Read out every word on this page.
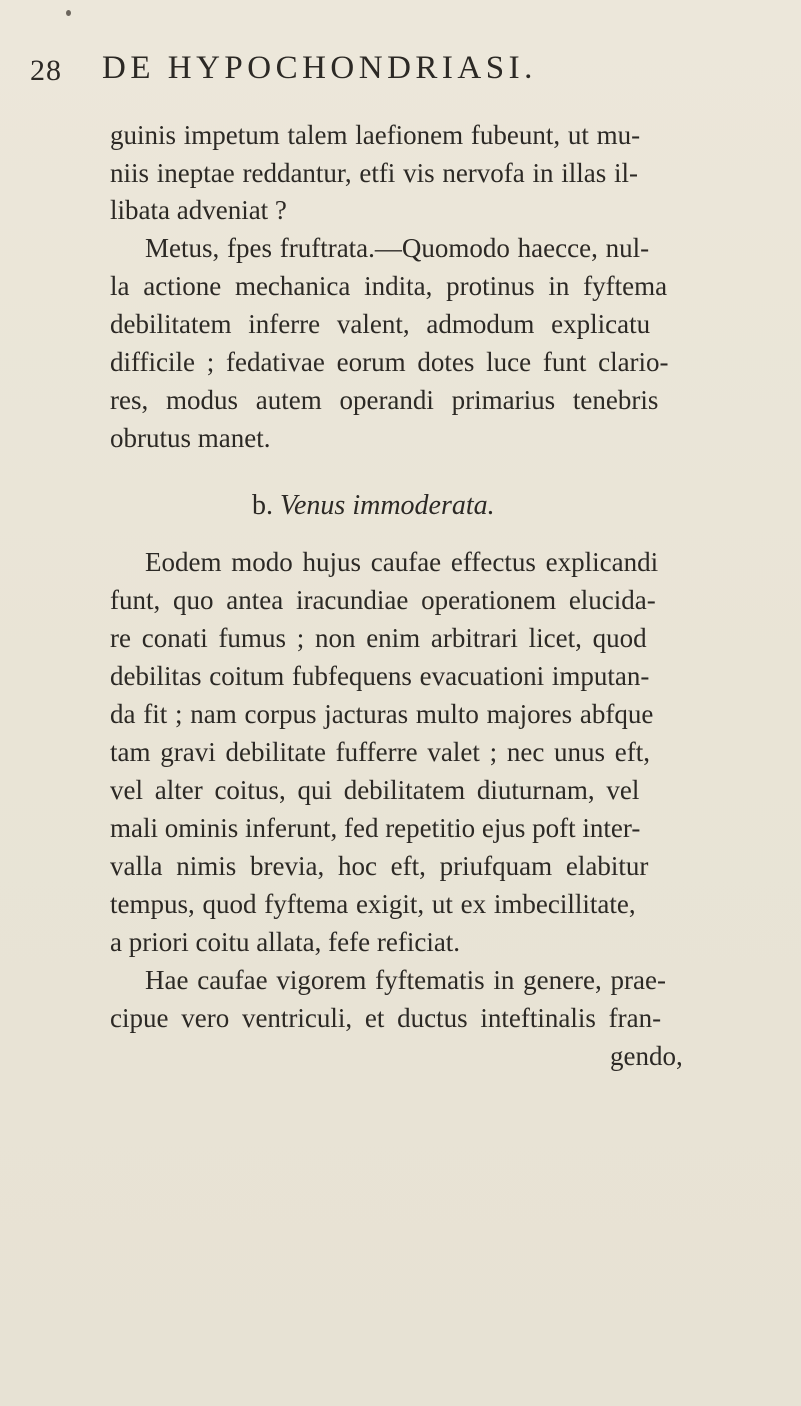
28 DE HYPOCHONDRIASI.
guinis impetum talem laefionem fubeunt, ut mu-
niis ineptae reddantur, etfi vis nervofa in illas il-
libata adveniat ?
Metus, fpes fruftrata.—Quomodo haecce, nul-
la actione mechanica indita, protinus in fyftema
debilitatem inferre valent, admodum explicatu
difficile ; fedativae eorum dotes luce funt clario-
res, modus autem operandi primarius tenebris
obrutus manet.
b. Venus immoderata.
Eodem modo hujus caufae effectus explicandi
funt, quo antea iracundiae operationem elucida-
re conati fumus ; non enim arbitrari licet, quod
debilitas coitum fubfequens evacuationi imputan-
da fit ; nam corpus jacturas multo majores abfque
tam gravi debilitate fufferre valet ; nec unus eft,
vel alter coitus, qui debilitatem diuturnam, vel
mali ominis inferunt, fed repetitio ejus poft inter-
valla nimis brevia, hoc eft, priufquam elabitur
tempus, quod fyftema exigit, ut ex imbecillitate,
a priori coitu allata, fefe reficiat.
Hae caufae vigorem fyftematis in genere, prae-
cipue vero ventriculi, et ductus inteftinalis fran-
gendo,
